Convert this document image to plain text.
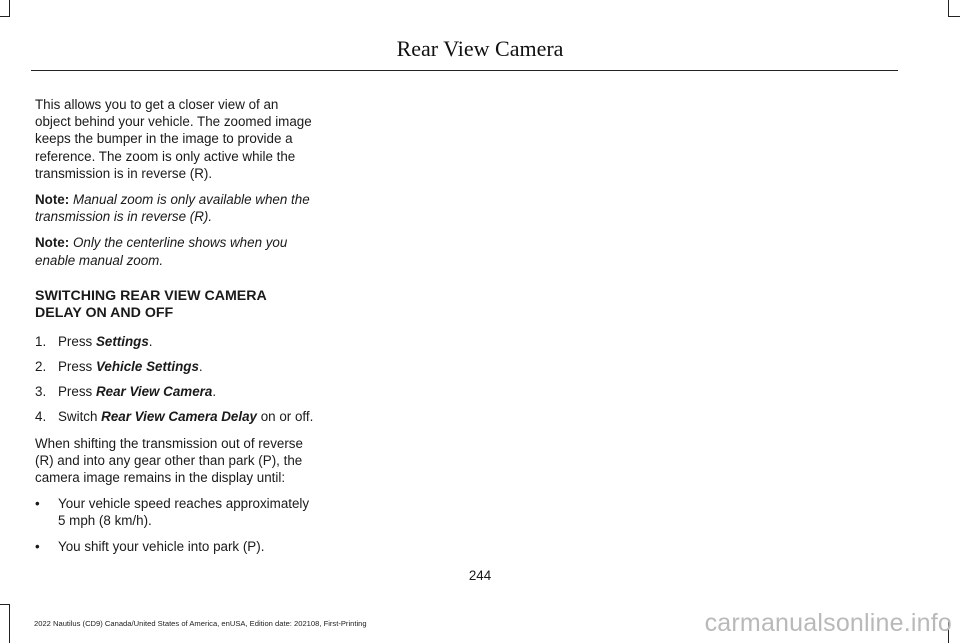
Rear View Camera

This allows you to get a closer view of an object behind your vehicle. The zoomed image keeps the bumper in the image to provide a reference. The zoom is only active while the transmission is in reverse (R).

Note: Manual zoom is only available when the transmission is in reverse (R).

Note: Only the centerline shows when you enable manual zoom.

SWITCHING REAR VIEW CAMERA
DELAY ON AND OFF
1. Press Settings.
2. Press Vehicle Settings.
3. Press Rear View Camera.
4. Switch Rear View Camera Delay on or off.

When shifting the transmission out of reverse (R) and into any gear other than park (P), the camera image remains in the display until:

• Your vehicle speed reaches approximately 5 mph (8 km/h).
• You shift your vehicle into park (P).
244
2022 Nautilus (CD9) Canada/United States of America, enUSA, Edition date: 202108, First-Printing	carmanualsonline.info
